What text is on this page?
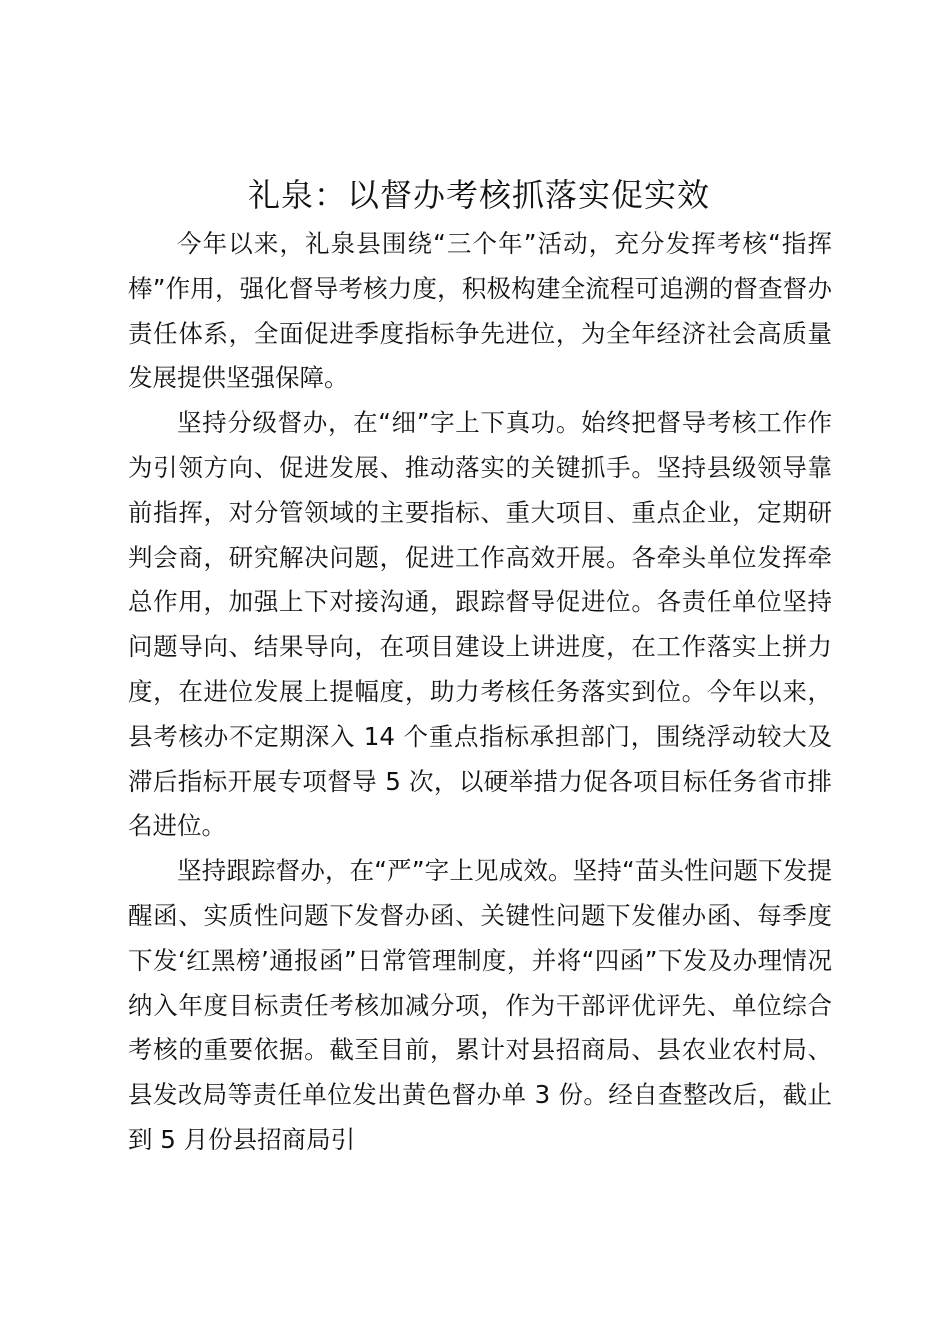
礼泉：以督办考核抓落实促实效

今年以来，礼泉县围绕“三个年”活动，充分发挥考核“指挥棒”作用，强化督导考核力度，积极构建全流程可追溯的督查督办责任体系，全面促进季度指标争先进位，为全年经济社会高质量发展提供坚强保障。

坚持分级督办，在“细”字上下真功。始终把督导考核工作作为引领方向、促进发展、推动落实的关键抓手。坚持县级领导靠前指挥，对分管领域的主要指标、重大项目、重点企业，定期研判会商，研究解决问题，促进工作高效开展。各牵头单位发挥牵总作用，加强上下对接沟通，跟踪督导促进位。各责任单位坚持问题导向、结果导向，在项目建设上讲进度，在工作落实上拼力度，在进位发展上提幅度，助力考核任务落实到位。今年以来，县考核办不定期深入 14 个重点指标承担部门，围绕浮动较大及滞后指标开展专项督导 5 次，以硬举措力促各项目标任务省市排名进位。

坚持跟踪督办，在“严”字上见成效。坚持“苗头性问题下发提醒函、实质性问题下发督办函、关键性问题下发催办函、每季度下发‘红黑榜’通报函”日常管理制度，并将“四函”下发及办理情况纳入年度目标责任考核加减分项，作为干部评优评先、单位综合考核的重要依据。截至目前，累计对县招商局、县农业农村局、县发改局等责任单位发出黄色督办单 3 份。经自查整改后，截止到 5 月份县招商局引
